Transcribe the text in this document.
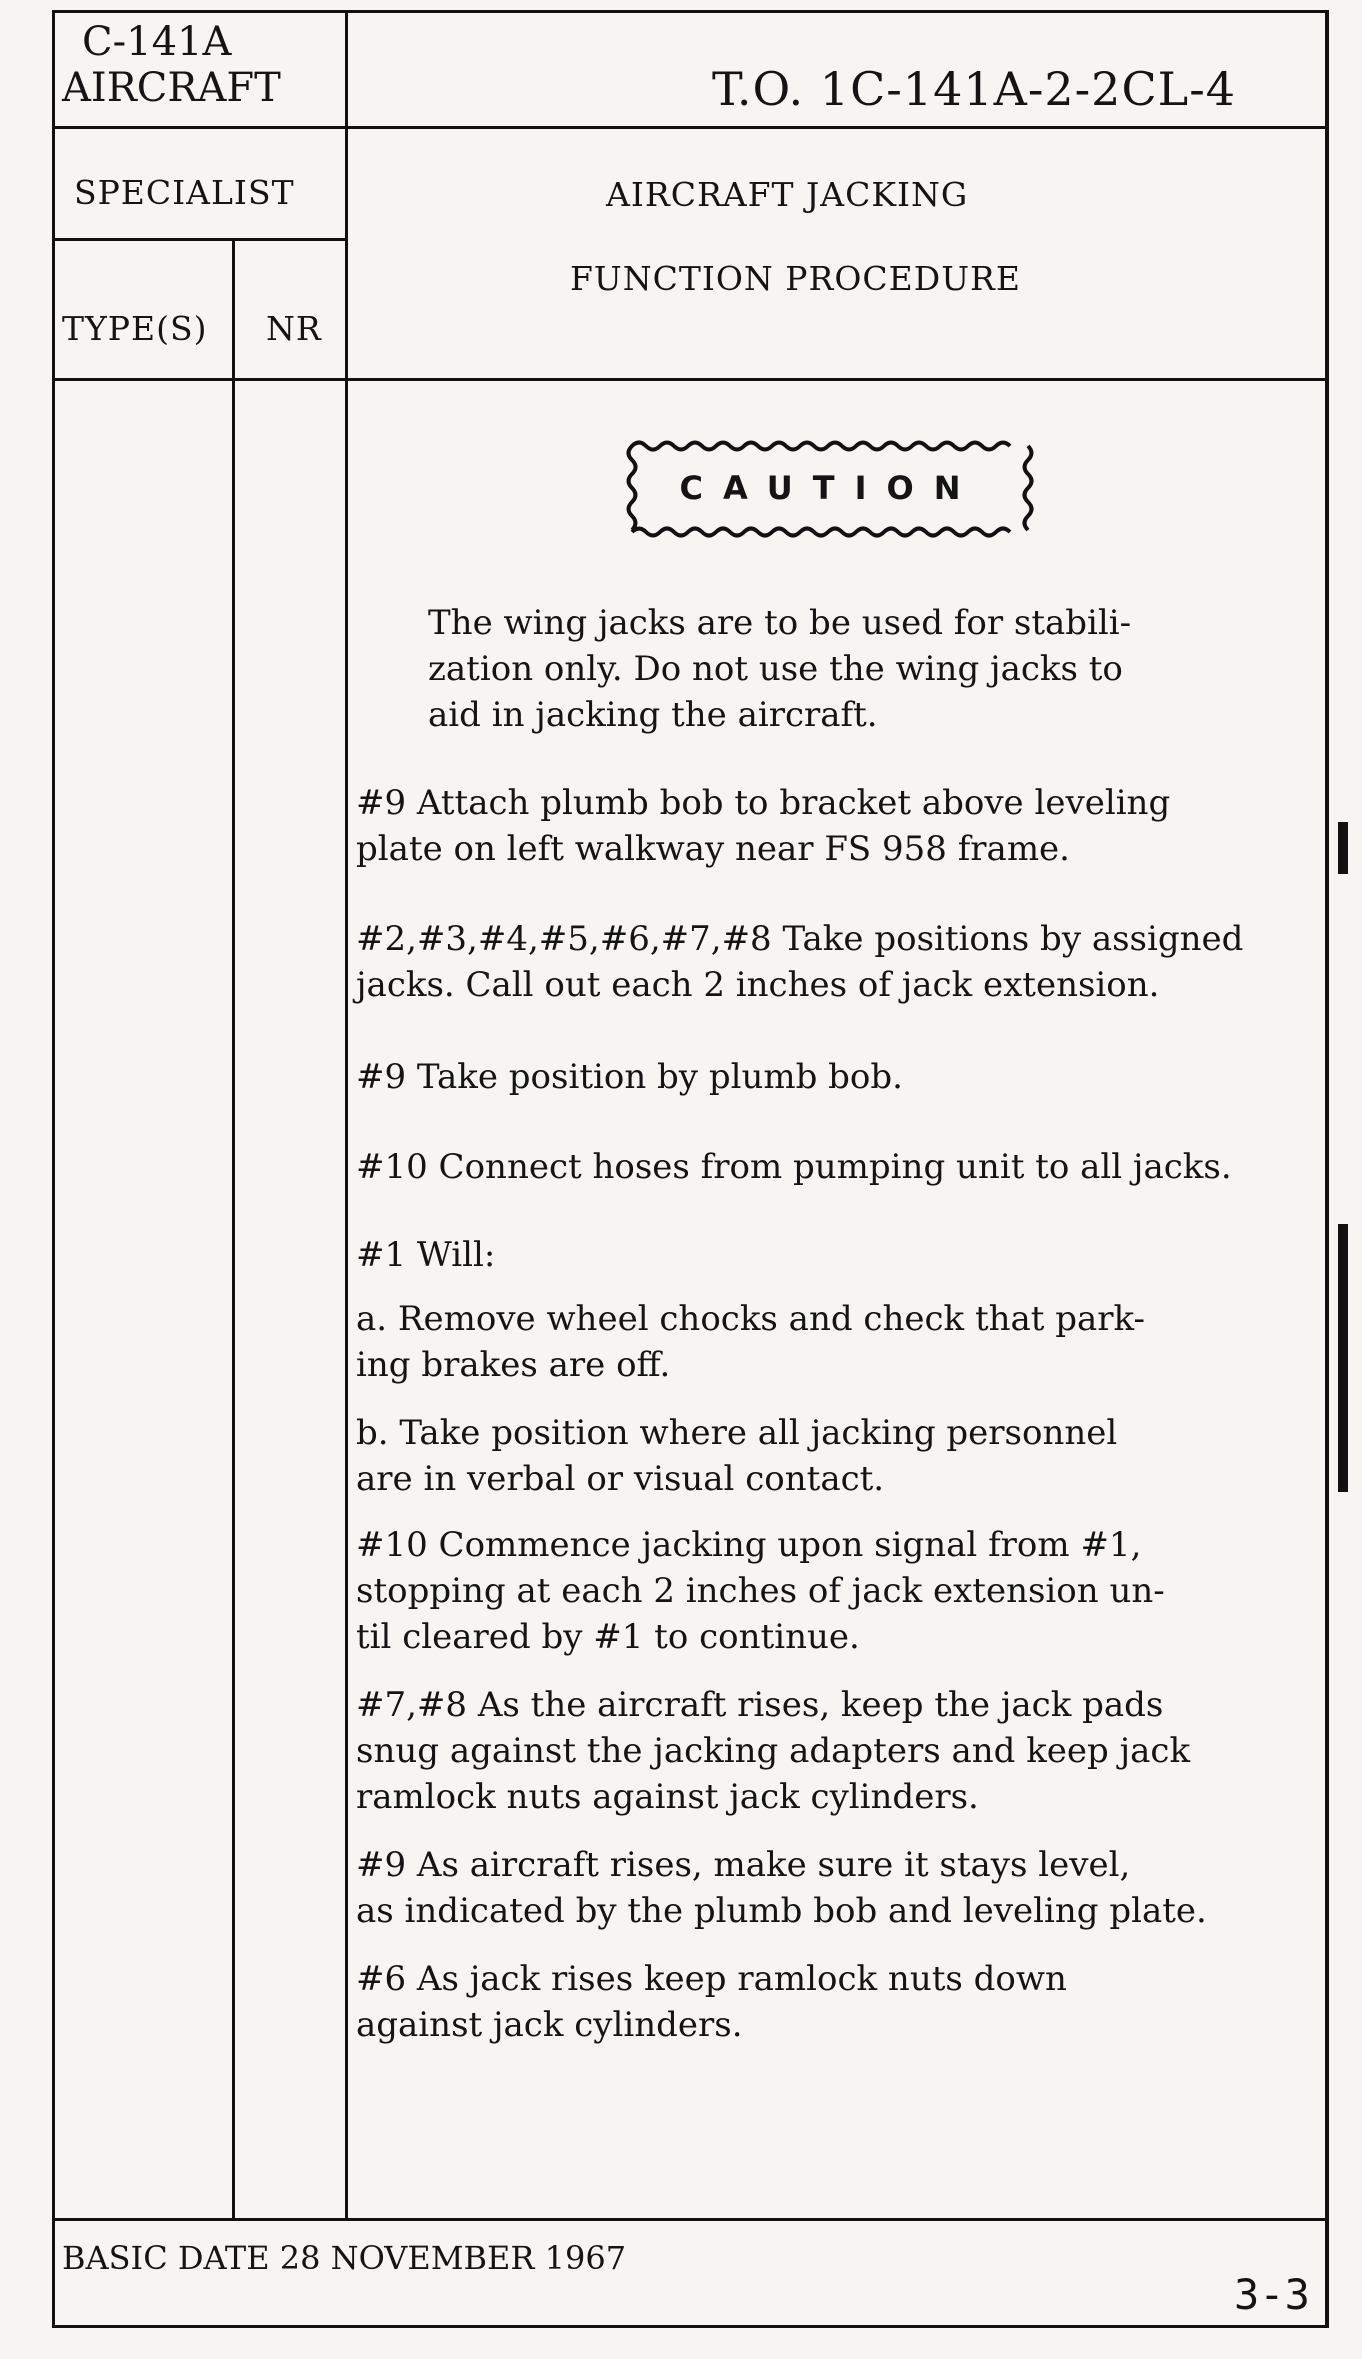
C-141A
AIRCRAFT	T.O. 1C-141A-2-2CL-4
SPECIALIST
TYPE(S) NR
AIRCRAFT JACKING
FUNCTION PROCEDURE
CAUTION
The wing jacks are to be used for stabili-
zation only. Do not use the wing jacks to
aid in jacking the aircraft.
#9 Attach plumb bob to bracket above leveling
plate on left walkway near FS 958 frame.
#2,#3,#4,#5,#6,#7,#8 Take positions by assigned
jacks. Call out each 2 inches of jack extension.
#9 Take position by plumb bob.
#10 Connect hoses from pumping unit to all jacks.
#1 Will:
a. Remove wheel chocks and check that park-
ing brakes are off.
b. Take position where all jacking personnel
are in verbal or visual contact.
#10 Commence jacking upon signal from #1,
stopping at each 2 inches of jack extension un-
til cleared by #1 to continue.
#7,#8 As the aircraft rises, keep the jack pads
snug against the jacking adapters and keep jack
ramlock nuts against jack cylinders.
#9 As aircraft rises, make sure it stays level,
as indicated by the plumb bob and leveling plate.
#6 As jack rises keep ramlock nuts down
against jack cylinders.
BASIC DATE 28 NOVEMBER 1967
3-3
